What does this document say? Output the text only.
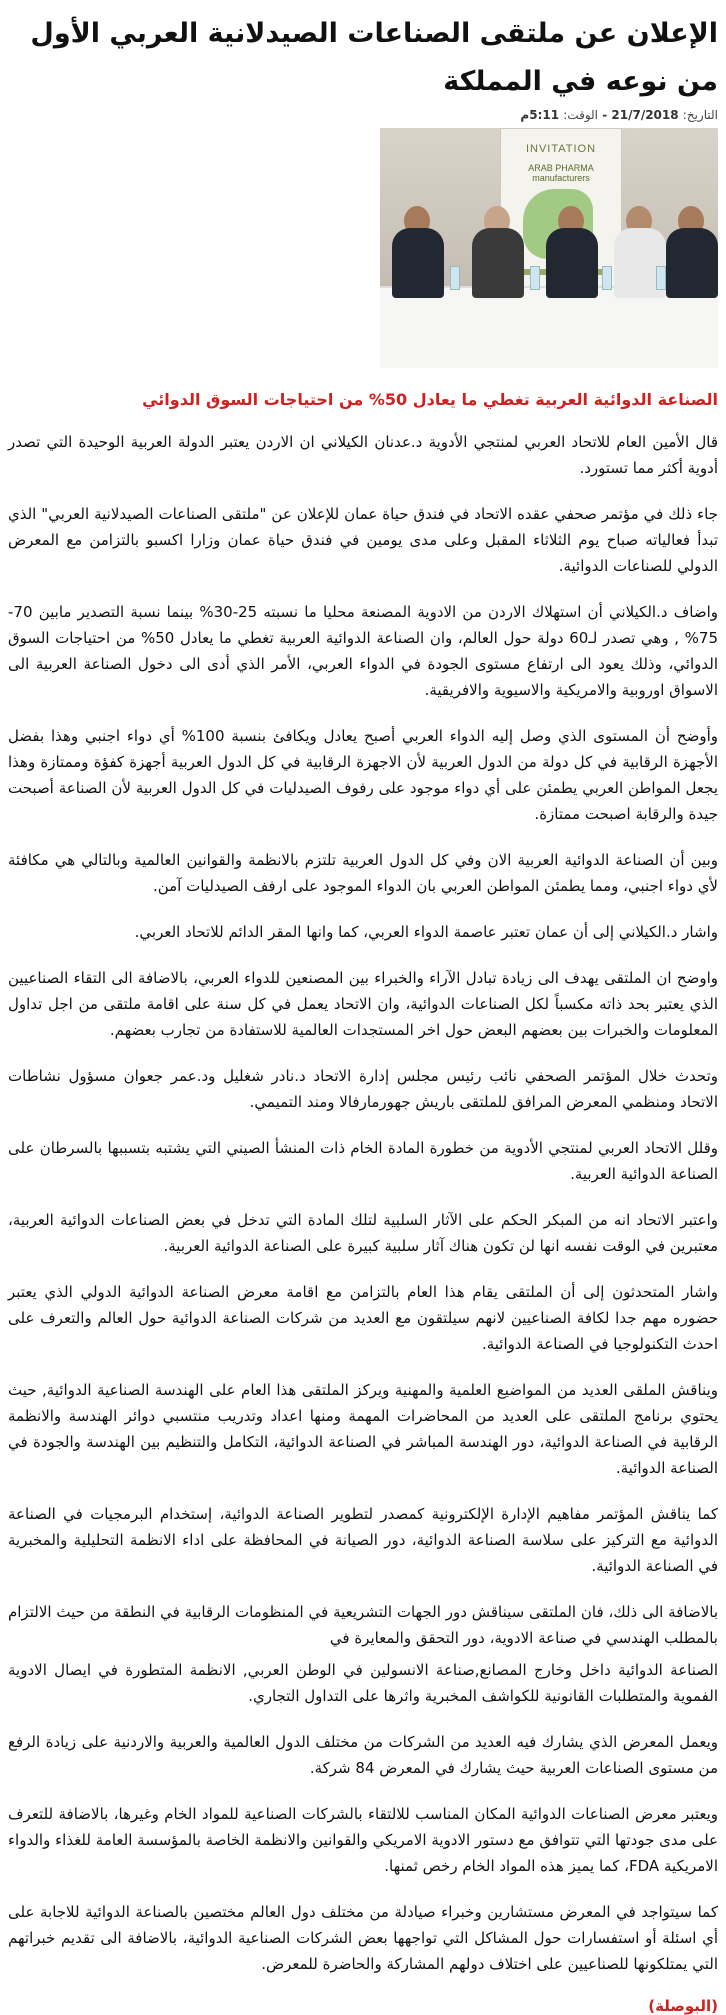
الإعلان عن ملتقى الصناعات الصيدلانية العربي الأول من نوعه في المملكة
التاريخ: 21/7/2018 - الوقت: 5:11م
INVITATION
ARAB PHARMA manufacturers
الصناعة الدوائية العربية تغطي ما يعادل 50% من احتياجات السوق الدوائي

قال الأمين العام للاتحاد العربي لمنتجي الأدوية د.عدنان الكيلاني ان الاردن يعتبر الدولة العربية الوحيدة التي تصدر أدوية أكثر مما تستورد.

جاء ذلك في مؤتمر صحفي عقده الاتحاد في فندق حياة عمان للإعلان عن "ملتقى الصناعات الصيدلانية العربي" الذي تبدأ فعالياته صباح يوم الثلاثاء المقبل وعلى مدى يومين في فندق حياة عمان وزارا اكسبو بالتزامن مع المعرض الدولي للصناعات الدوائية.

واضاف د.الكيلاني أن استهلاك الاردن من الادوية المصنعة محليا ما نسبته 25-30% بينما نسبة التصدير مابين 70-75% , وهي تصدر لـ60 دولة حول العالم، وان الصناعة الدوائية العربية تغطي ما يعادل 50% من احتياجات السوق الدوائي، وذلك يعود الى ارتفاع مستوى الجودة في الدواء العربي، الأمر الذي أدى الى دخول الصناعة العربية الى الاسواق اوروبية والامريكية والاسيوية والافريقية.

وأوضح أن المستوى الذي وصل إليه الدواء العربي أصبح يعادل ويكافئ بنسبة 100% أي دواء اجنبي وهذا بفضل الأجهزة الرقابية في كل دولة من الدول العربية لأن الاجهزة الرقابية في كل الدول العربية أجهزة كفؤة وممتازة وهذا يجعل المواطن العربي يطمئن على أي دواء موجود على رفوف الصيدليات في كل الدول العربية لأن الصناعة أصبحت جيدة والرقابة اصبحت ممتازة.

وبين أن الصناعة الدوائية العربية الان وفي كل الدول العربية تلتزم بالانظمة والقوانين العالمية وبالتالي هي مكافئة لأي دواء اجنبي، ومما يطمئن المواطن العربي بان الدواء الموجود على ارفف الصيدليات آمن.

واشار د.الكيلاني إلى أن عمان تعتبر عاصمة الدواء العربي، كما وانها المقر الدائم للاتحاد العربي.

واوضح ان الملتقى يهدف الى زيادة تبادل الآراء والخبراء بين المصنعين للدواء العربي، بالاضافة الى التقاء الصناعيين الذي يعتبر بحد ذاته مكسباً لكل الصناعات الدوائية، وان الاتحاد يعمل في كل سنة على اقامة ملتقى من اجل تداول المعلومات والخبرات بين بعضهم البعض حول اخر المستجدات العالمية للاستفادة من تجارب بعضهم.

وتحدث خلال المؤتمر الصحفي نائب رئيس مجلس إدارة الاتحاد د.نادر شغليل ود.عمر جعوان مسؤول نشاطات الاتحاد ومنظمي المعرض المرافق للملتقى باريش جهورمارفالا ومند التميمي.

وقلل الاتحاد العربي لمنتجي الأدوية من خطورة المادة الخام ذات المنشأ الصيني التي يشتبه بتسببها بالسرطان على الصناعة الدوائية العربية.

واعتبر الاتحاد انه من المبكر الحكم على الآثار السلبية لتلك المادة التي تدخل في بعض الصناعات الدوائية العربية، معتبرين في الوقت نفسه انها لن تكون هناك آثار سلبية كبيرة على الصناعة الدوائية العربية.

واشار المتحدثون إلى أن الملتقى يقام هذا العام بالتزامن مع اقامة معرض الصناعة الدوائية الدولي الذي يعتبر حضوره مهم جدا لكافة الصناعيين لانهم سيلتقون مع العديد من شركات الصناعة الدوائية حول العالم والتعرف على احدث التكنولوجيا في الصناعة الدوائية.

ويناقش الملقى العديد من المواضيع العلمية والمهنية ويركز الملتقى هذا العام على الهندسة الصناعية الدوائية, حيث يحتوي برنامج الملتقى على العديد من المحاضرات المهمة ومنها اعداد وتدريب منتسبي دوائر الهندسة والانظمة الرقابية في الصناعة الدوائية، دور الهندسة المباشر في الصناعة الدوائية، التكامل والتنظيم بين الهندسة والجودة في الصناعة الدوائية.

كما يناقش المؤتمر مفاهيم الإدارة الإلكترونية كمصدر لتطوير الصناعة الدوائية، إستخدام البرمجيات في الصناعة الدوائية مع التركيز على سلاسة الصناعة الدوائية، دور الصيانة في المحافظة على اداء الانظمة التحليلية والمخبرية في الصناعة الدوائية.

بالاضافة الى ذلك، فان الملتقى سيناقش دور الجهات التشريعية في المنظومات الرقابية في النطقة من حيث الالتزام بالمطلب الهندسي في صناعة الادوية، دور التحقق والمعايرة في

الصناعة الدوائية داخل وخارج المصانع,صناعة الانسولين في الوطن العربي, الانظمة المتطورة في ايصال الادوية الفموية والمتطلبات القانونية للكواشف المخبرية واثرها على التداول التجاري.

ويعمل المعرض الذي يشارك فيه العديد من الشركات من مختلف الدول العالمية والعربية والاردنية على زيادة الرفع من مستوى الصناعات العربية حيث يشارك في المعرض 84 شركة.

ويعتبر معرض الصناعات الدوائية المكان المناسب للالتقاء بالشركات الصناعية للمواد الخام وغيرها، بالاضافة للتعرف على مدى جودتها التي تتوافق مع دستور الادوية الامريكي والقوانين والانظمة الخاصة بالمؤسسة العامة للغذاء والدواء الامريكية FDA، كما يميز هذه المواد الخام رخص ثمنها.

كما سيتواجد في المعرض مستشارين وخبراء صيادلة من مختلف دول العالم مختصين بالصناعة الدوائية للاجابة على أي اسئلة أو استفسارات حول المشاكل التي تواجهها بعض الشركات الصناعية الدوائية، بالاضافة الى تقديم خبراتهم التي يمتلكونها للصناعيين على اختلاف دولهم المشاركة والحاضرة للمعرض.

(البوصلة)
